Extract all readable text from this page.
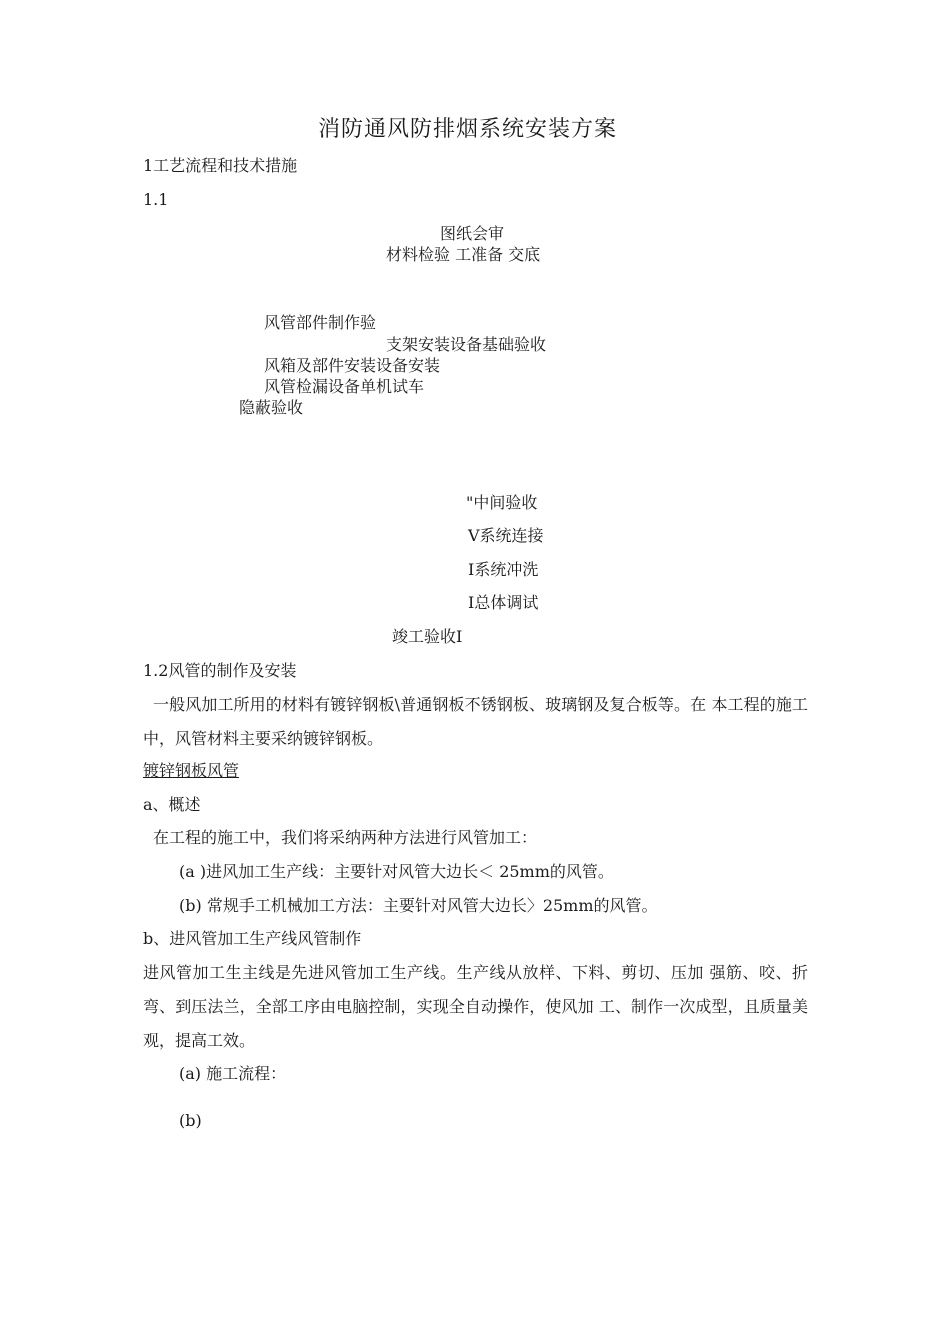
消防通风防排烟系统安装方案
1工艺流程和技术措施
1.1
图纸会审
材料检验 工准备 交底
风管部件制作验
支架安装设备基础验收
风箱及部件安装设备安装
风管检漏设备单机试车
隐蔽验收
"中间验收
V系统连接
I系统冲洗
I总体调试
竣工验收I
1.2风管的制作及安装
一般风加工所用的材料有镀锌钢板\普通钢板不锈钢板、玻璃钢及复合板等。在 本工程的施工中，风管材料主要采纳镀锌钢板。
镀锌钢板风管
a、概述
在工程的施工中，我们将采纳两种方法进行风管加工：
(a )进风加工生产线：主要针对风管大边长＜ 25mm的风管。
(b) 常规手工机械加工方法：主要针对风管大边长〉25mm的风管。
b、进风管加工生产线风管制作
进风管加工生主线是先进风管加工生产线。生产线从放样、下料、剪切、压加 强筋、咬、折弯、到压法兰，全部工序由电脑控制，实现全自动操作，使风加 工、制作一次成型，且质量美观，提高工效。
(a) 施工流程：
(b)
